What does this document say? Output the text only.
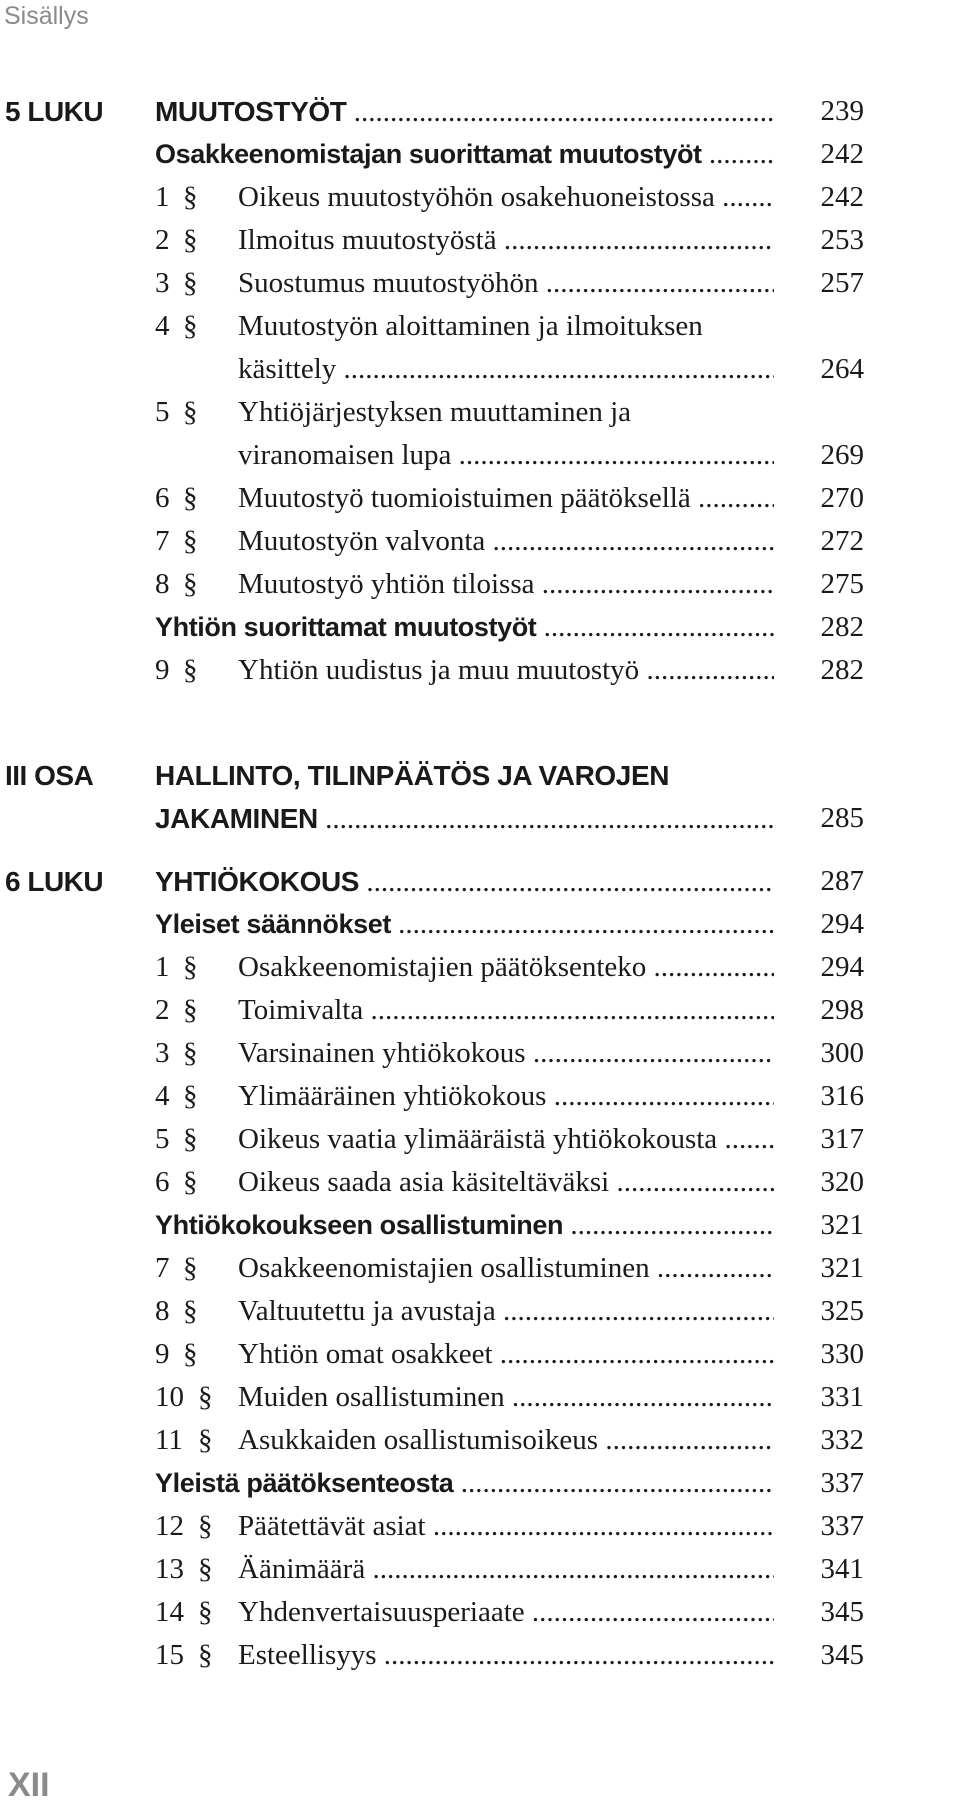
Sisällys
5 LUKU MUUTOSTYÖT .....	239
Osakkeenomistajan suorittamat muutostyöt .....	242
1 §	Oikeus muutostyöhön osakehuoneistossa .....	242
2 §	Ilmoitus muutostyöstä .....	253
3 §	Suostumus muutostyöhön .....	257
4 §	Muutostyön aloittaminen ja ilmoituksen
käsittely .....	264
5 §	Yhtiöjärjestyksen muuttaminen ja
viranomaisen lupa .....	269
6 §	Muutostyö tuomioistuimen päätöksellä .....	270
7 §	Muutostyön valvonta .....	272
8 §	Muutostyö yhtiön tiloissa .....	275
Yhtiön suorittamat muutostyöt .....	282
9 §	Yhtiön uudistus ja muu muutostyö .....	282
III OSA HALLINTO, TILINPÄÄTÖS JA VAROJEN
JAKAMINEN .....	285
6 LUKU YHTIÖKOKOUS .....	287
Yleiset säännökset .....	294
1 §	Osakkeenomistajien päätöksenteko .....	294
2 §	Toimivalta .....	298
3 §	Varsinainen yhtiökokous .....	300
4 §	Ylimääräinen yhtiökokous .....	316
5 §	Oikeus vaatia ylimääräistä yhtiökokousta .....	317
6 §	Oikeus saada asia käsiteltäväksi .....	320
Yhtiökokoukseen osallistuminen .....	321
7 §	Osakkeenomistajien osallistuminen .....	321
8 §	Valtuutettu ja avustaja .....	325
9 §	Yhtiön omat osakkeet .....	330
10 § Muiden osallistuminen .....	331
11 § Asukkaiden osallistumisoikeus .....	332
Yleistä päätöksenteosta .....	337
12 § Päätettävät asiat .....	337
13 § Äänimäärä .....	341
14 § Yhdenvertaisuusperiaate .....	345
15 § Esteellisyys .....	345
XII
